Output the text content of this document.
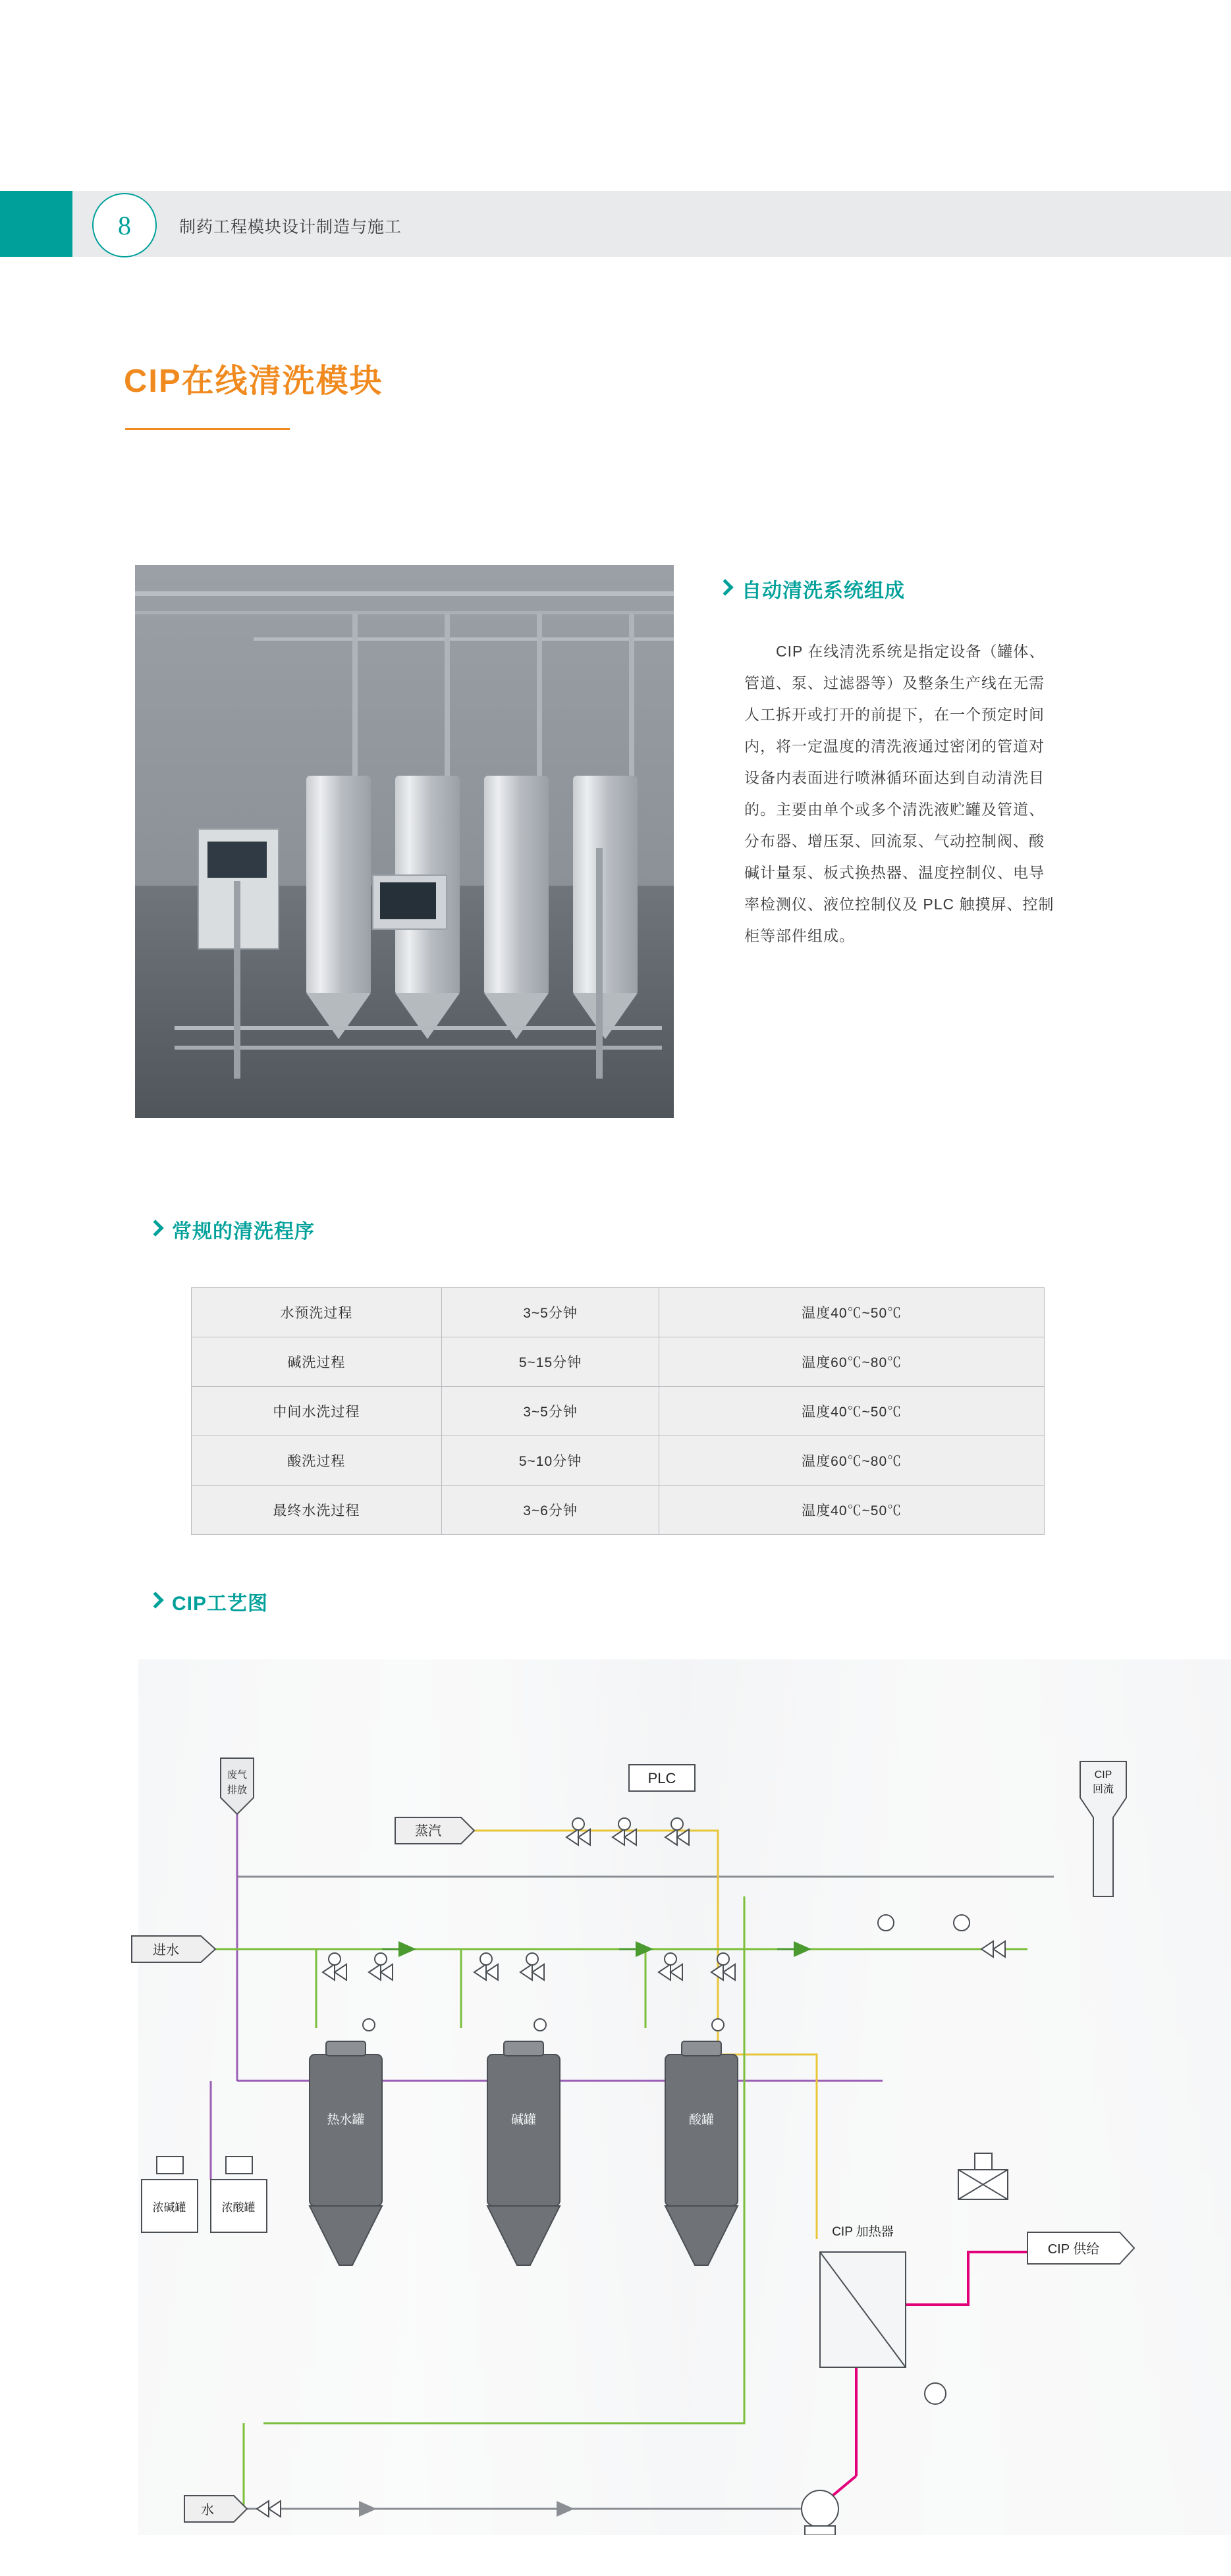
8	制药工程模块设计制造与施工
CIP在线清洗模块
自动清洗系统组成
CIP 在线清洗系统是指定设备（罐体、管道、泵、过滤器等）及整条生产线在无需人工拆开或打开的前提下，在一个预定时间内，将一定温度的清洗液通过密闭的管道对设备内表面进行喷淋循环面达到自动清洗目的。主要由单个或多个清洗液贮罐及管道、分布器、增压泵、回流泵、气动控制阀、酸碱计量泵、板式换热器、温度控制仪、电导率检测仪、液位控制仪及 PLC 触摸屏、控制柜等部件组成。
常规的清洗程序
水预洗过程	3~5分钟	温度40℃~50℃
碱洗过程	5~15分钟	温度60℃~80℃
中间水洗过程	3~5分钟	温度40℃~50℃
酸洗过程	5~10分钟	温度60℃~80℃
最终水洗过程	3~6分钟	温度40℃~50℃
CIP工艺图
热水罐	碱罐	酸罐
PLC
蒸汽
进水
水
废气
排放
CIP
回流
CIP 供给
浓碱罐	浓酸罐
CIP 加热器
